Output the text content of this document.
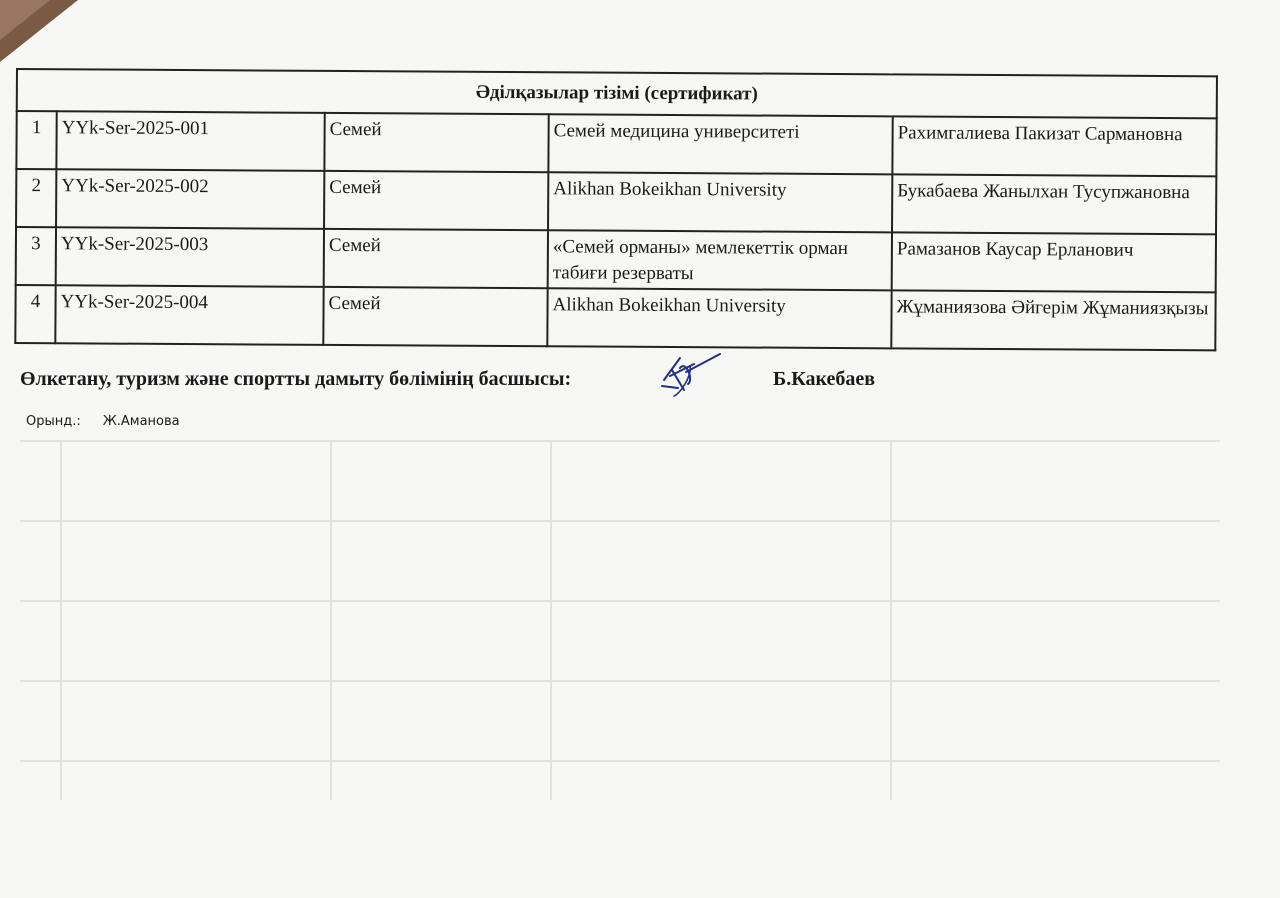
Әділқазылар тізімі (сертификат)				
1	YYk-Ser-2025-001	Семей	Семей медицина университеті	Рахимгалиева Пакизат Сармановна
2	YYk-Ser-2025-002	Семей	Alikhan Bokeikhan University	Букабаева Жанылхан Тусупжановна
3	YYk-Ser-2025-003	Семей	«Семей орманы» мемлекеттік орман табиғи резерваты	Рамазанов Каусар Ерланович
4	YYk-Ser-2025-004	Семей	Alikhan Bokeikhan University	Жұманиязова Әйгерім Жұманиязқызы
Өлкетану, туризм және спортты дамыту бөлімінің басшысы:	Б.Какебаев
Орынд.: Ж.Аманова
